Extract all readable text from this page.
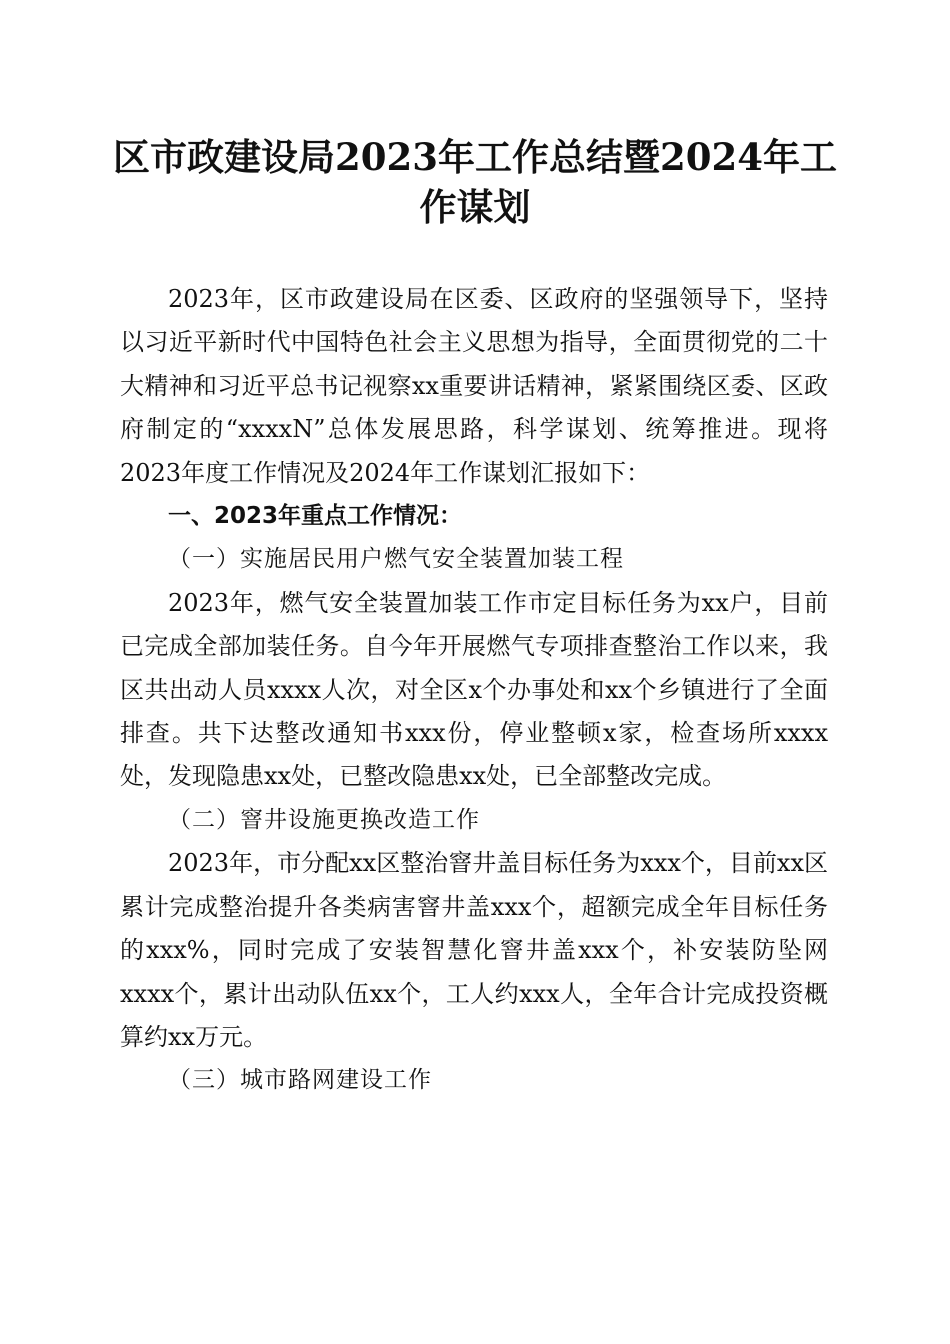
区市政建设局2023年工作总结暨2024年工作谋划

2023年，区市政建设局在区委、区政府的坚强领导下，坚持以习近平新时代中国特色社会主义思想为指导，全面贯彻党的二十大精神和习近平总书记视察xx重要讲话精神，紧紧围绕区委、区政府制定的“xxxxN”总体发展思路，科学谋划、统筹推进。现将2023年度工作情况及2024年工作谋划汇报如下：

一、2023年重点工作情况：

（一）实施居民用户燃气安全装置加装工程

2023年，燃气安全装置加装工作市定目标任务为xx户，目前已完成全部加装任务。自今年开展燃气专项排查整治工作以来，我区共出动人员xxxx人次，对全区x个办事处和xx个乡镇进行了全面排查。共下达整改通知书xxx份，停业整顿x家，检查场所xxxx处，发现隐患xx处，已整改隐患xx处，已全部整改完成。

（二）窨井设施更换改造工作

2023年，市分配xx区整治窨井盖目标任务为xxx个，目前xx区累计完成整治提升各类病害窨井盖xxx个，超额完成全年目标任务的xxx%，同时完成了安装智慧化窨井盖xxx个，补安装防坠网xxxx个，累计出动队伍xx个，工人约xxx人，全年合计完成投资概算约xx万元。

（三）城市路网建设工作
